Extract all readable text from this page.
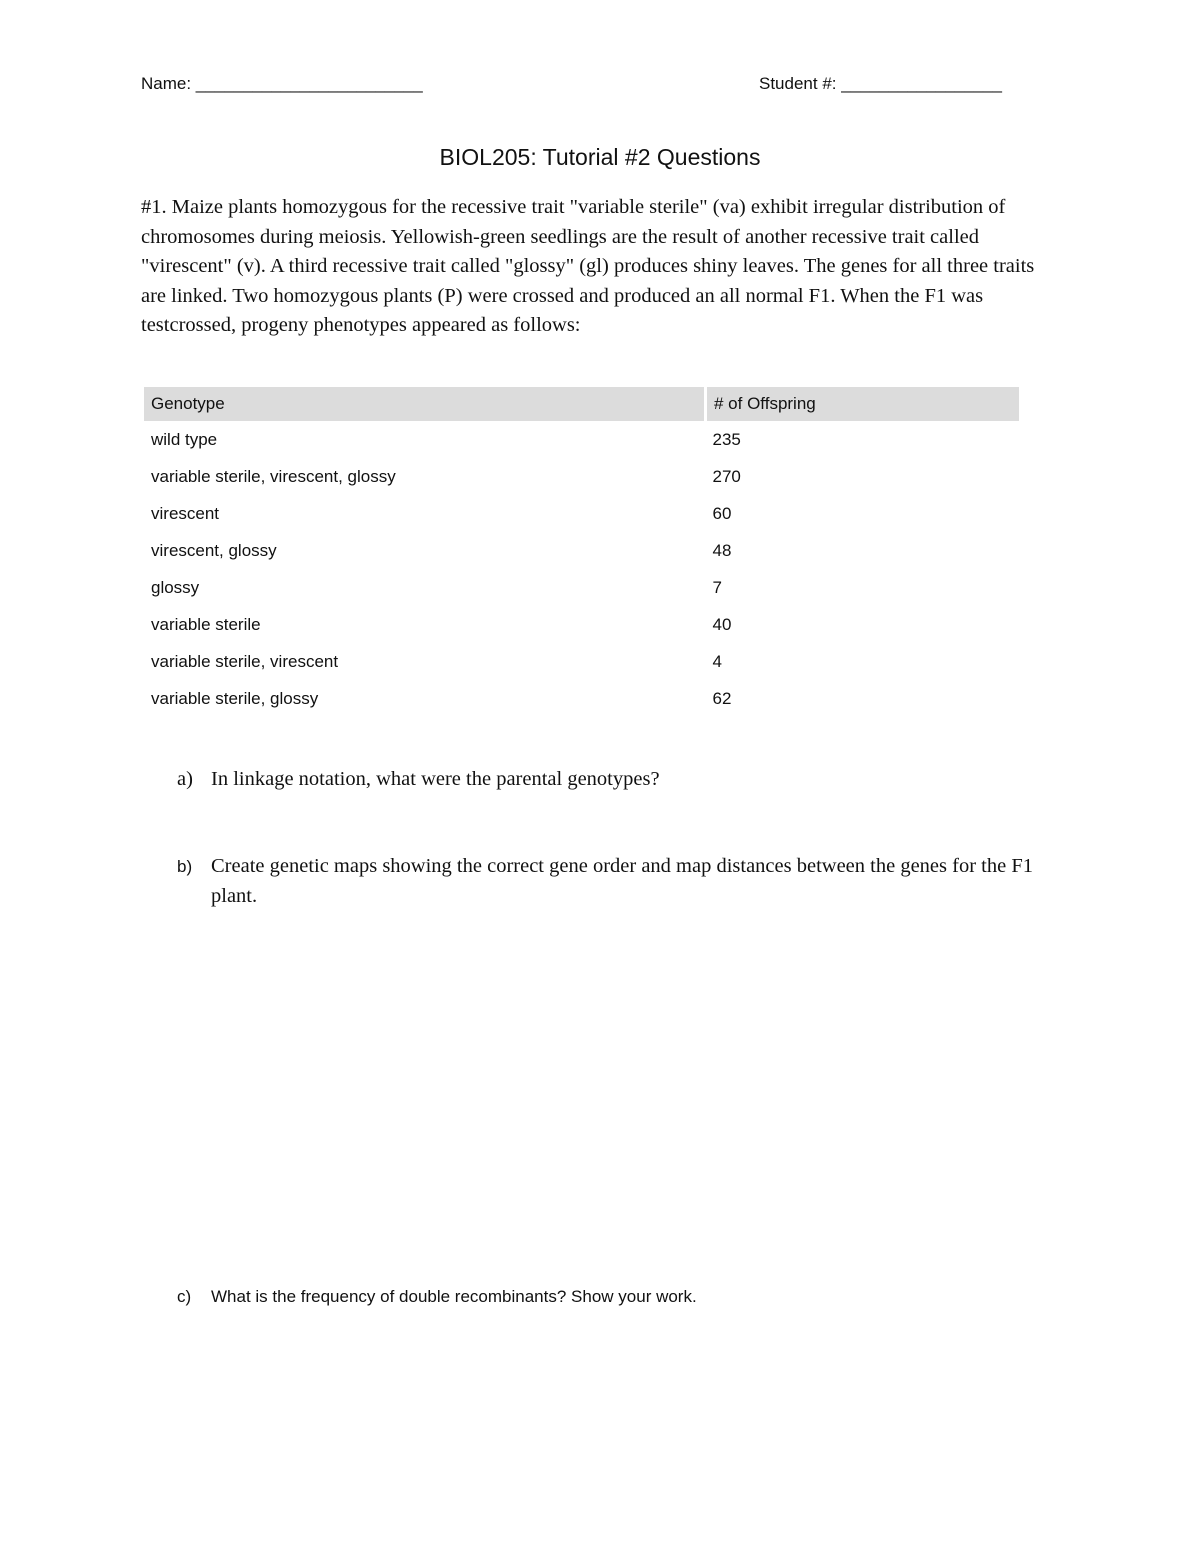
Name: ________________________	Student #: _________________
BIOL205: Tutorial #2 Questions
#1. Maize plants homozygous for the recessive trait "variable sterile" (va) exhibit irregular distribution of chromosomes during meiosis. Yellowish-green seedlings are the result of another recessive trait called "virescent" (v). A third recessive trait called "glossy" (gl) produces shiny leaves. The genes for all three traits are linked. Two homozygous plants (P) were crossed and produced an all normal F1. When the F1 was testcrossed, progeny phenotypes appeared as follows:
Genotype	# of Offspring
wild type	235
variable sterile, virescent, glossy	270
virescent	60
virescent, glossy	48
glossy	7
variable sterile	40
variable sterile, virescent	4
variable sterile, glossy	62
a) In linkage notation, what were the parental genotypes?
b) Create genetic maps showing the correct gene order and map distances between the genes for the F1 plant.
c) What is the frequency of double recombinants? Show your work.
